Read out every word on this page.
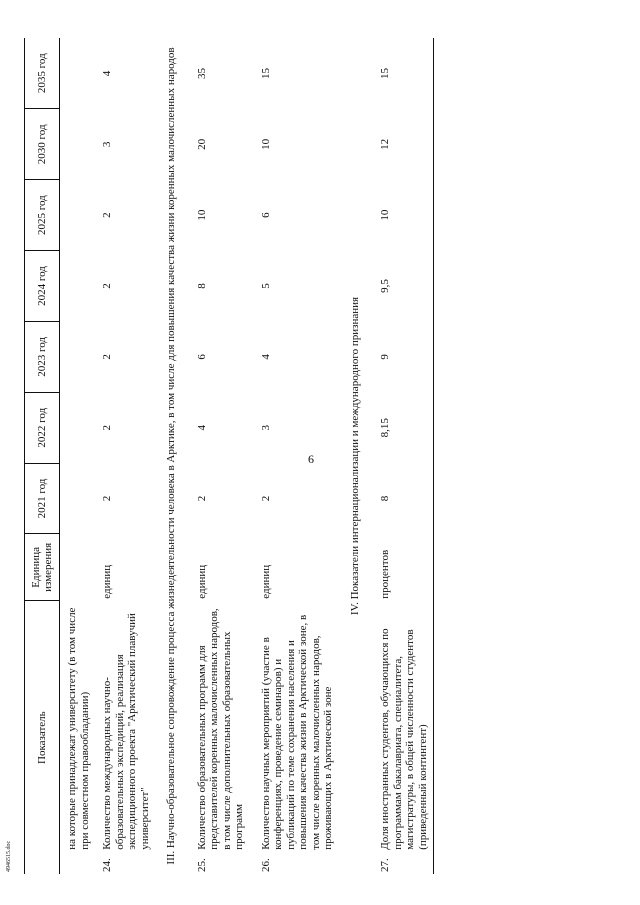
6
4946515.doc
Показатель		Единица измерения	2021 год	2022 год	2023 год	2024 год	2025 год	2030 год	2035 год
	на которые принадлежат университету (в том числе при совместном правообладании)								
24.	Количество международных научно-образовательных экспедиций, реализация экспедиционного проекта "Арктический плавучий университет"	единиц	2	2	2	2	2	3	4
III. Научно-образовательное сопровождение процесса жизнедеятельности человека в Арктике, в том числе для повышения качества жизни коренных малочисленных народов									
25.	Количество образовательных программ для представителей коренных малочисленных народов, в том числе дополнительных образовательных программ	единиц	2	4	6	8	10	20	35
26.	Количество научных мероприятий (участие в конференциях, проведение семинаров) и публикаций по теме сохранения населения и повышения качества жизни в Арктической зоне, в том числе коренных малочисленных народов, проживающих в Арктической зоне	единиц	2	3	4	5	6	10	15
IV. Показатели интернационализации и международного признания									
27.	Доля иностранных студентов, обучающихся по программам бакалавриата, специалитета, магистратуры, в общей численности студентов (приведенный контингент)	процентов	8	8,15	9	9,5	10	12	15
